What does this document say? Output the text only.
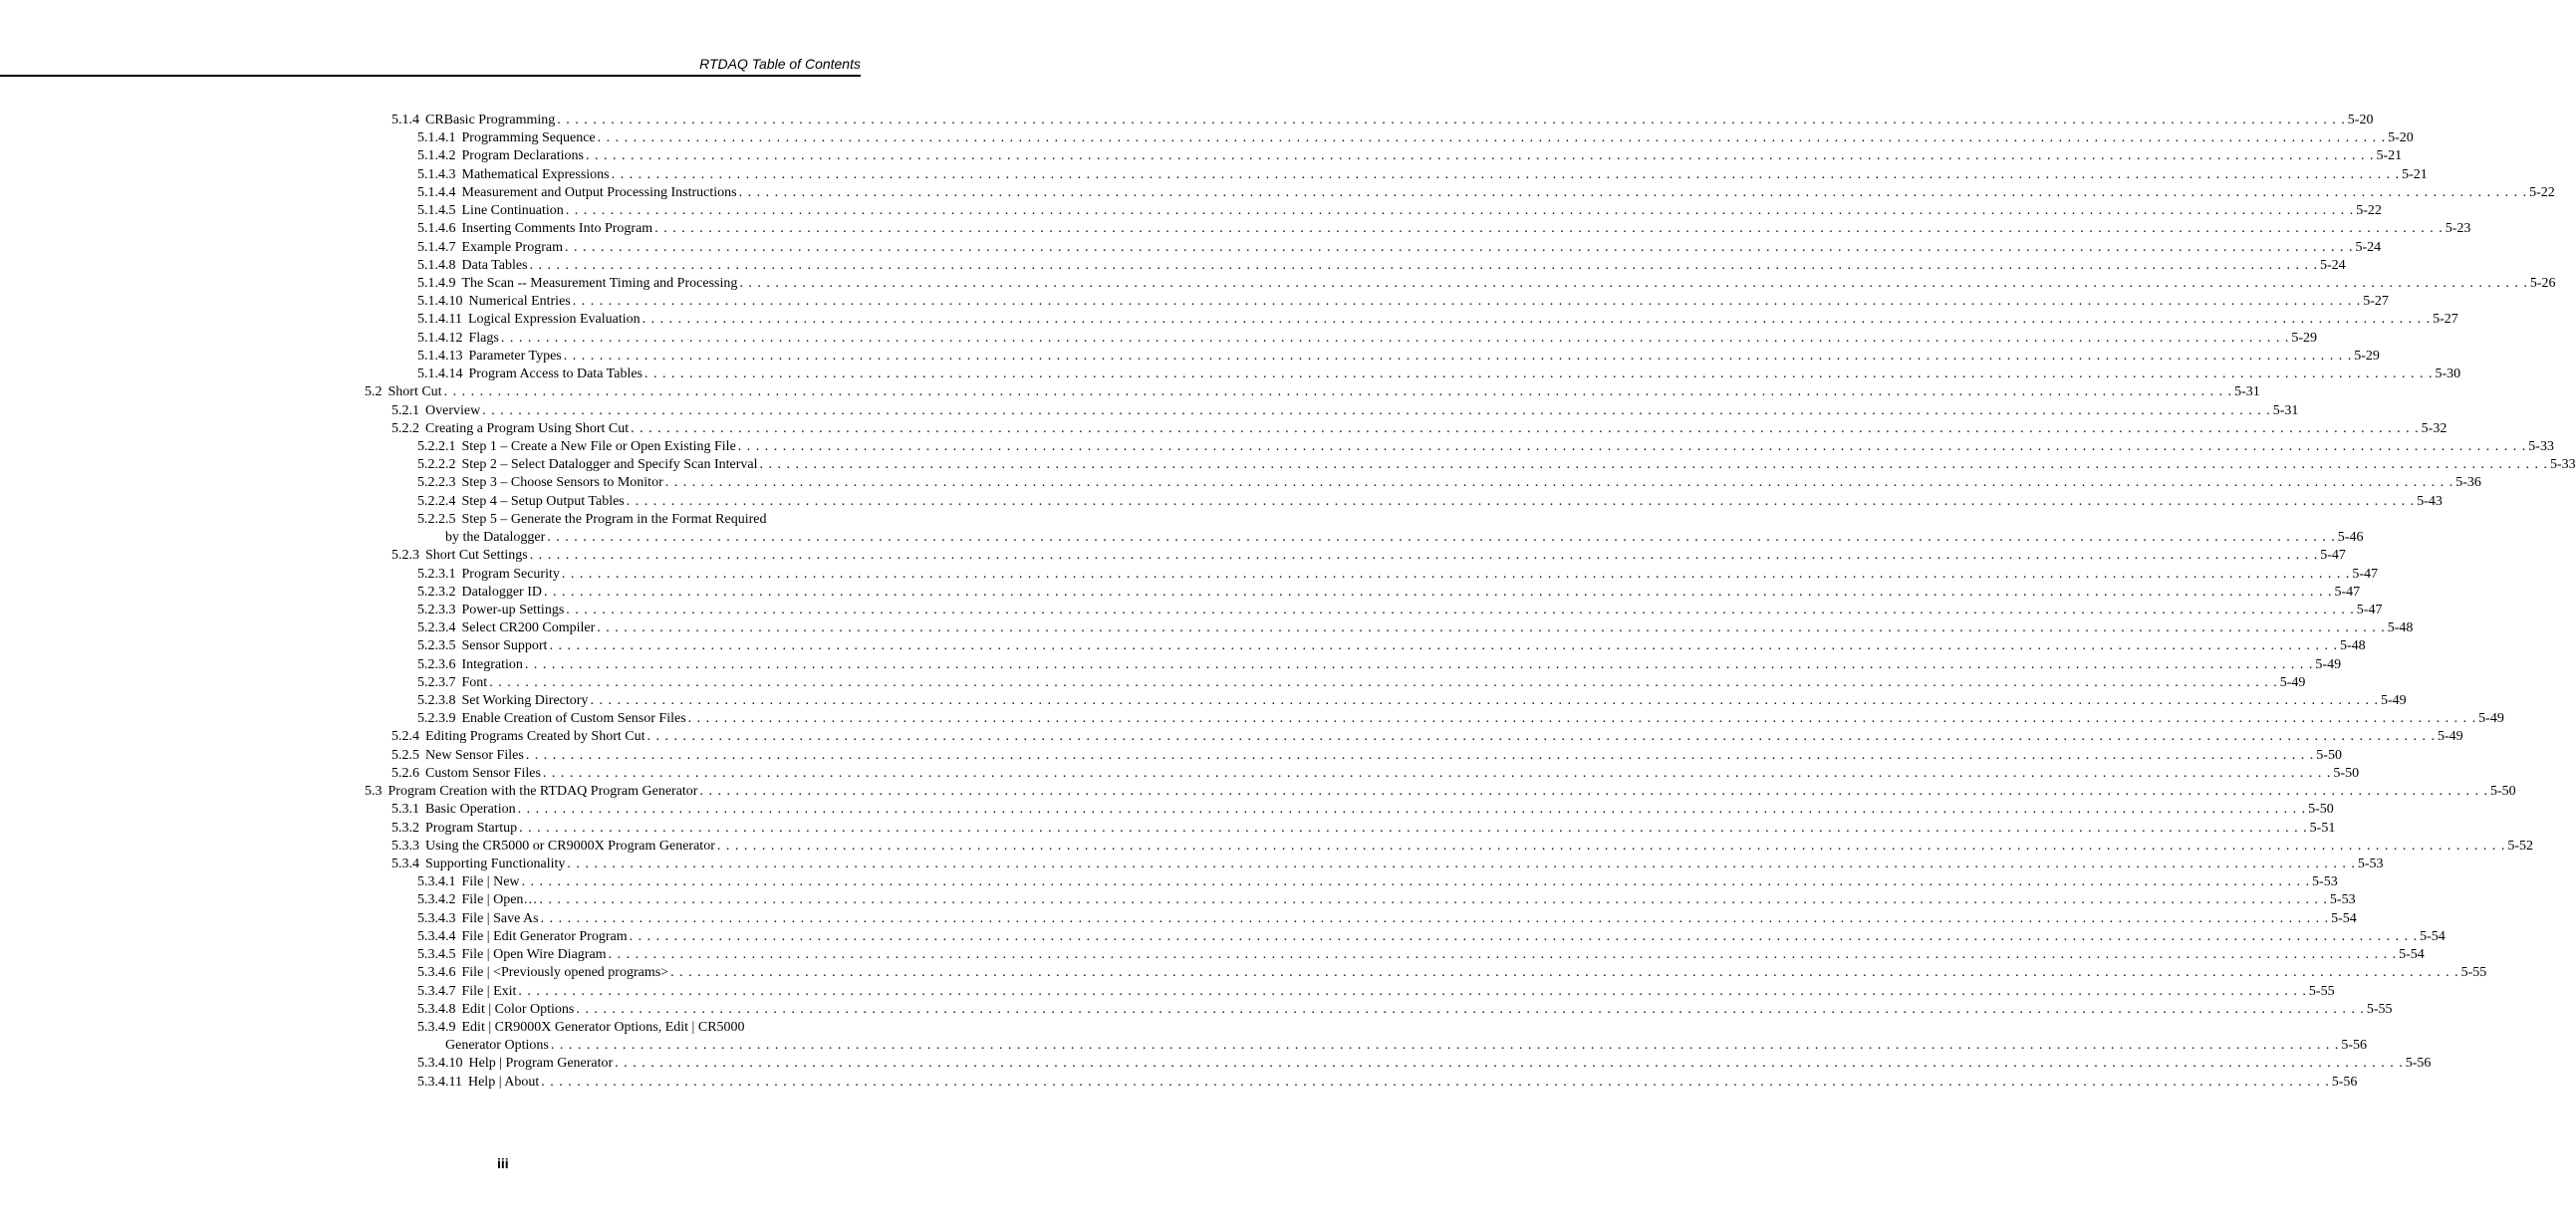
RTDAQ Table of Contents
5.1.4 CRBasic Programming . . . . . . . . . . . . . . . . . . . . . . . . . . . . . . . . . . . . . . . . . . . . . . . . . . . . . . . . . . . . . . . . . . . . . . . . . . . . . . . . . . . . . . . . . . . . . . . . . . . . . . . . . . . . . . . . . . . . . . . . . . . . . . . . . . . . . . . . . . . . . . . . . . . . . . . . . . . . . . . . . . . . . . . . . . . . . . . . . . . . . . . . . . . . . . . . . . . . . . . . 5-20
5.1.4.1 Programming Sequence . . . . . . . . . . . . . . . . . . . . . . . . . . . . . . . . . . . . . . . . . . . . . . . . . . . . . . . . . . . . . . . . . . . . . . . . . . . . . . . . . . . . . . . . . . . . . . . . . . . . . . . . . . . . . . . . . . . . . . . . . . . . . . . . . . . . . . . . . . . . . . . . . . . . . . . . . . . . . . . . . . . . . . . . . . . . . . . . . . . . . . . . . . . . . . . . . . . . . . . . 5-20
5.1.4.2 Program Declarations . . . . . . . . . . . . . . . . . . . . . . . . . . . . . . . . . . . . . . . . . . . . . . . . . . . . . . . . . . . . . . . . . . . . . . . . . . . . . . . . . . . . . . . . . . . . . . . . . . . . . . . . . . . . . . . . . . . . . . . . . . . . . . . . . . . . . . . . . . . . . . . . . . . . . . . . . . . . . . . . . . . . . . . . . . . . . . . . . . . . . . . . . . . . . . . . . . . . . . . . 5-21
5.1.4.3 Mathematical Expressions . . . . . . . . . . . . . . . . . . . . . . . . . . . . . . . . . . . . . . . . . . . . . . . . . . . . . . . . . . . . . . . . . . . . . . . . . . . . . . . . . . . . . . . . . . . . . . . . . . . . . . . . . . . . . . . . . . . . . . . . . . . . . . . . . . . . . . . . . . . . . . . . . . . . . . . . . . . . . . . . . . . . . . . . . . . . . . . . . . . . . . . . . . . . . . . . . . . . . . . . 5-21
5.1.4.4 Measurement and Output Processing Instructions . . . . . . . . . . . . . . . . . . . . . . . . . . . . . . . . . . . . . . . . . . . . . . . . . . . . . . . . . . . . . . . . . . . . . . . . . . . . . . . . . . . . . . . . . . . . . . . . . . . . . . . . . . . . . . . . . . . . . . . . . . . . . . . . . . . . . . . . . . . . . . . . . . . . . . . . . . . . . . . . . . . . . . . . . . . . . . . . . . . . . . . . . . . . . . . . . . . . . . . . 5-22
5.1.4.5 Line Continuation . . . . . . . . . . . . . . . . . . . . . . . . . . . . . . . . . . . . . . . . . . . . . . . . . . . . . . . . . . . . . . . . . . . . . . . . . . . . . . . . . . . . . . . . . . . . . . . . . . . . . . . . . . . . . . . . . . . . . . . . . . . . . . . . . . . . . . . . . . . . . . . . . . . . . . . . . . . . . . . . . . . . . . . . . . . . . . . . . . . . . . . . . . . . . . . . . . . . . . . . 5-22
5.1.4.6 Inserting Comments Into Program . . . . . . . . . . . . . . . . . . . . . . . . . . . . . . . . . . . . . . . . . . . . . . . . . . . . . . . . . . . . . . . . . . . . . . . . . . . . . . . . . . . . . . . . . . . . . . . . . . . . . . . . . . . . . . . . . . . . . . . . . . . . . . . . . . . . . . . . . . . . . . . . . . . . . . . . . . . . . . . . . . . . . . . . . . . . . . . . . . . . . . . . . . . . . . . . . . . . . . . . 5-23
5.1.4.7 Example Program . . . . . . . . . . . . . . . . . . . . . . . . . . . . . . . . . . . . . . . . . . . . . . . . . . . . . . . . . . . . . . . . . . . . . . . . . . . . . . . . . . . . . . . . . . . . . . . . . . . . . . . . . . . . . . . . . . . . . . . . . . . . . . . . . . . . . . . . . . . . . . . . . . . . . . . . . . . . . . . . . . . . . . . . . . . . . . . . . . . . . . . . . . . . . . . . . . . . . . . . 5-24
5.1.4.8 Data Tables . . . . . . . . . . . . . . . . . . . . . . . . . . . . . . . . . . . . . . . . . . . . . . . . . . . . . . . . . . . . . . . . . . . . . . . . . . . . . . . . . . . . . . . . . . . . . . . . . . . . . . . . . . . . . . . . . . . . . . . . . . . . . . . . . . . . . . . . . . . . . . . . . . . . . . . . . . . . . . . . . . . . . . . . . . . . . . . . . . . . . . . . . . . . . . . . . . . . . . . . 5-24
5.1.4.9 The Scan -- Measurement Timing and Processing . . . . . . . . . . . . . . . . . . . . . . . . . . . . . . . . . . . . . . . . . . . . . . . . . . . . . . . . . . . . . . . . . . . . . . . . . . . . . . . . . . . . . . . . . . . . . . . . . . . . . . . . . . . . . . . . . . . . . . . . . . . . . . . . . . . . . . . . . . . . . . . . . . . . . . . . . . . . . . . . . . . . . . . . . . . . . . . . . . . . . . . . . . . . . . . . . . . . . . . . 5-26
5.1.4.10 Numerical Entries . . . . . . . . . . . . . . . . . . . . . . . . . . . . . . . . . . . . . . . . . . . . . . . . . . . . . . . . . . . . . . . . . . . . . . . . . . . . . . . . . . . . . . . . . . . . . . . . . . . . . . . . . . . . . . . . . . . . . . . . . . . . . . . . . . . . . . . . . . . . . . . . . . . . . . . . . . . . . . . . . . . . . . . . . . . . . . . . . . . . . . . . . . . . . . . . . . . . . . . . 5-27
5.1.4.11 Logical Expression Evaluation . . . . . . . . . . . . . . . . . . . . . . . . . . . . . . . . . . . . . . . . . . . . . . . . . . . . . . . . . . . . . . . . . . . . . . . . . . . . . . . . . . . . . . . . . . . . . . . . . . . . . . . . . . . . . . . . . . . . . . . . . . . . . . . . . . . . . . . . . . . . . . . . . . . . . . . . . . . . . . . . . . . . . . . . . . . . . . . . . . . . . . . . . . . . . . . . . . . . . . . . 5-27
5.1.4.12 Flags . . . . . . . . . . . . . . . . . . . . . . . . . . . . . . . . . . . . . . . . . . . . . . . . . . . . . . . . . . . . . . . . . . . . . . . . . . . . . . . . . . . . . . . . . . . . . . . . . . . . . . . . . . . . . . . . . . . . . . . . . . . . . . . . . . . . . . . . . . . . . . . . . . . . . . . . . . . . . . . . . . . . . . . . . . . . . . . . . . . . . . . . . . . . . . . . . . . . . . . . 5-29
5.1.4.13 Parameter Types . . . . . . . . . . . . . . . . . . . . . . . . . . . . . . . . . . . . . . . . . . . . . . . . . . . . . . . . . . . . . . . . . . . . . . . . . . . . . . . . . . . . . . . . . . . . . . . . . . . . . . . . . . . . . . . . . . . . . . . . . . . . . . . . . . . . . . . . . . . . . . . . . . . . . . . . . . . . . . . . . . . . . . . . . . . . . . . . . . . . . . . . . . . . . . . . . . . . . . . . 5-29
5.1.4.14 Program Access to Data Tables . . . . . . . . . . . . . . . . . . . . . . . . . . . . . . . . . . . . . . . . . . . . . . . . . . . . . . . . . . . . . . . . . . . . . . . . . . . . . . . . . . . . . . . . . . . . . . . . . . . . . . . . . . . . . . . . . . . . . . . . . . . . . . . . . . . . . . . . . . . . . . . . . . . . . . . . . . . . . . . . . . . . . . . . . . . . . . . . . . . . . . . . . . . . . . . . . . . . . . . . 5-30
5.2 Short Cut . . . . . . . . . . . . . . . . . . . . . . . . . . . . . . . . . . . . . . . . . . . . . . . . . . . . . . . . . . . . . . . . . . . . . . . . . . . . . . . . . . . . . . . . . . . . . . . . . . . . . . . . . . . . . . . . . . . . . . . . . . . . . . . . . . . . . . . . . . . . . . . . . . . . . . . . . . . . . . . . . . . . . . . . . . . . . . . . . . . . . . . . . . . . . . . . . . . . . . . . 5-31
5.2.1 Overview . . . . . . . . . . . . . . . . . . . . . . . . . . . . . . . . . . . . . . . . . . . . . . . . . . . . . . . . . . . . . . . . . . . . . . . . . . . . . . . . . . . . . . . . . . . . . . . . . . . . . . . . . . . . . . . . . . . . . . . . . . . . . . . . . . . . . . . . . . . . . . . . . . . . . . . . . . . . . . . . . . . . . . . . . . . . . . . . . . . . . . . . . . . . . . . . . . . . . . . . 5-31
5.2.2 Creating a Program Using Short Cut . . . . . . . . . . . . . . . . . . . . . . . . . . . . . . . . . . . . . . . . . . . . . . . . . . . . . . . . . . . . . . . . . . . . . . . . . . . . . . . . . . . . . . . . . . . . . . . . . . . . . . . . . . . . . . . . . . . . . . . . . . . . . . . . . . . . . . . . . . . . . . . . . . . . . . . . . . . . . . . . . . . . . . . . . . . . . . . . . . . . . . . . . . . . . . . . . . . . . . . . 5-32
5.2.2.1 Step 1 – Create a New File or Open Existing File . . . . . . . . . . . . . . . . . . . . . . . . . . . . . . . . . . . . . . . . . . . . . . . . . . . . . . . . . . . . . . . . . . . . . . . . . . . . . . . . . . . . . . . . . . . . . . . . . . . . . . . . . . . . . . . . . . . . . . . . . . . . . . . . . . . . . . . . . . . . . . . . . . . . . . . . . . . . . . . . . . . . . . . . . . . . . . . . . . . . . . . . . . . . . . . . . . . . . . . . 5-33
5.2.2.2 Step 2 – Select Datalogger and Specify Scan Interval . . . . . . . . . . . . . . . . . . . . . . . . . . . . . . . . . . . . . . . . . . . . . . . . . . . . . . . . . . . . . . . . . . . . . . . . . . . . . . . . . . . . . . . . . . . . . . . . . . . . . . . . . . . . . . . . . . . . . . . . . . . . . . . . . . . . . . . . . . . . . . . . . . . . . . . . . . . . . . . . . . . . . . . . . . . . . . . . . . . . . . . . . . . . . . . . . . . . . . . . 5-33
5.2.2.3 Step 3 – Choose Sensors to Monitor . . . . . . . . . . . . . . . . . . . . . . . . . . . . . . . . . . . . . . . . . . . . . . . . . . . . . . . . . . . . . . . . . . . . . . . . . . . . . . . . . . . . . . . . . . . . . . . . . . . . . . . . . . . . . . . . . . . . . . . . . . . . . . . . . . . . . . . . . . . . . . . . . . . . . . . . . . . . . . . . . . . . . . . . . . . . . . . . . . . . . . . . . . . . . . . . . . . . . . . . 5-36
5.2.2.4 Step 4 – Setup Output Tables . . . . . . . . . . . . . . . . . . . . . . . . . . . . . . . . . . . . . . . . . . . . . . . . . . . . . . . . . . . . . . . . . . . . . . . . . . . . . . . . . . . . . . . . . . . . . . . . . . . . . . . . . . . . . . . . . . . . . . . . . . . . . . . . . . . . . . . . . . . . . . . . . . . . . . . . . . . . . . . . . . . . . . . . . . . . . . . . . . . . . . . . . . . . . . . . . . . . . . . . 5-43
5.2.2.5 Step 5 – Generate the Program in the Format Required
by the Datalogger . . . . . . . . . . . . . . . . . . . . . . . . . . . . . . . . . . . . . . . . . . . . . . . . . . . . . . . . . . . . . . . . . . . . . . . . . . . . . . . . . . . . . . . . . . . . . . . . . . . . . . . . . . . . . . . . . . . . . . . . . . . . . . . . . . . . . . . . . . . . . . . . . . . . . . . . . . . . . . . . . . . . . . . . . . . . . . . . . . . . . . . . . . . . . . . . . . . . . . . . 5-46
5.2.3 Short Cut Settings . . . . . . . . . . . . . . . . . . . . . . . . . . . . . . . . . . . . . . . . . . . . . . . . . . . . . . . . . . . . . . . . . . . . . . . . . . . . . . . . . . . . . . . . . . . . . . . . . . . . . . . . . . . . . . . . . . . . . . . . . . . . . . . . . . . . . . . . . . . . . . . . . . . . . . . . . . . . . . . . . . . . . . . . . . . . . . . . . . . . . . . . . . . . . . . . . . . . . . . . 5-47
5.2.3.1 Program Security . . . . . . . . . . . . . . . . . . . . . . . . . . . . . . . . . . . . . . . . . . . . . . . . . . . . . . . . . . . . . . . . . . . . . . . . . . . . . . . . . . . . . . . . . . . . . . . . . . . . . . . . . . . . . . . . . . . . . . . . . . . . . . . . . . . . . . . . . . . . . . . . . . . . . . . . . . . . . . . . . . . . . . . . . . . . . . . . . . . . . . . . . . . . . . . . . . . . . . . . 5-47
5.2.3.2 Datalogger ID . . . . . . . . . . . . . . . . . . . . . . . . . . . . . . . . . . . . . . . . . . . . . . . . . . . . . . . . . . . . . . . . . . . . . . . . . . . . . . . . . . . . . . . . . . . . . . . . . . . . . . . . . . . . . . . . . . . . . . . . . . . . . . . . . . . . . . . . . . . . . . . . . . . . . . . . . . . . . . . . . . . . . . . . . . . . . . . . . . . . . . . . . . . . . . . . . . . . . . . . 5-47
5.2.3.3 Power-up Settings . . . . . . . . . . . . . . . . . . . . . . . . . . . . . . . . . . . . . . . . . . . . . . . . . . . . . . . . . . . . . . . . . . . . . . . . . . . . . . . . . . . . . . . . . . . . . . . . . . . . . . . . . . . . . . . . . . . . . . . . . . . . . . . . . . . . . . . . . . . . . . . . . . . . . . . . . . . . . . . . . . . . . . . . . . . . . . . . . . . . . . . . . . . . . . . . . . . . . . . . 5-47
5.2.3.4 Select CR200 Compiler . . . . . . . . . . . . . . . . . . . . . . . . . . . . . . . . . . . . . . . . . . . . . . . . . . . . . . . . . . . . . . . . . . . . . . . . . . . . . . . . . . . . . . . . . . . . . . . . . . . . . . . . . . . . . . . . . . . . . . . . . . . . . . . . . . . . . . . . . . . . . . . . . . . . . . . . . . . . . . . . . . . . . . . . . . . . . . . . . . . . . . . . . . . . . . . . . . . . . . . . 5-48
5.2.3.5 Sensor Support . . . . . . . . . . . . . . . . . . . . . . . . . . . . . . . . . . . . . . . . . . . . . . . . . . . . . . . . . . . . . . . . . . . . . . . . . . . . . . . . . . . . . . . . . . . . . . . . . . . . . . . . . . . . . . . . . . . . . . . . . . . . . . . . . . . . . . . . . . . . . . . . . . . . . . . . . . . . . . . . . . . . . . . . . . . . . . . . . . . . . . . . . . . . . . . . . . . . . . . . 5-48
5.2.3.6 Integration . . . . . . . . . . . . . . . . . . . . . . . . . . . . . . . . . . . . . . . . . . . . . . . . . . . . . . . . . . . . . . . . . . . . . . . . . . . . . . . . . . . . . . . . . . . . . . . . . . . . . . . . . . . . . . . . . . . . . . . . . . . . . . . . . . . . . . . . . . . . . . . . . . . . . . . . . . . . . . . . . . . . . . . . . . . . . . . . . . . . . . . . . . . . . . . . . . . . . . . . 5-49
5.2.3.7 Font . . . . . . . . . . . . . . . . . . . . . . . . . . . . . . . . . . . . . . . . . . . . . . . . . . . . . . . . . . . . . . . . . . . . . . . . . . . . . . . . . . . . . . . . . . . . . . . . . . . . . . . . . . . . . . . . . . . . . . . . . . . . . . . . . . . . . . . . . . . . . . . . . . . . . . . . . . . . . . . . . . . . . . . . . . . . . . . . . . . . . . . . . . . . . . . . . . . . . . . . 5-49
5.2.3.8 Set Working Directory . . . . . . . . . . . . . . . . . . . . . . . . . . . . . . . . . . . . . . . . . . . . . . . . . . . . . . . . . . . . . . . . . . . . . . . . . . . . . . . . . . . . . . . . . . . . . . . . . . . . . . . . . . . . . . . . . . . . . . . . . . . . . . . . . . . . . . . . . . . . . . . . . . . . . . . . . . . . . . . . . . . . . . . . . . . . . . . . . . . . . . . . . . . . . . . . . . . . . . . . 5-49
5.2.3.9 Enable Creation of Custom Sensor Files . . . . . . . . . . . . . . . . . . . . . . . . . . . . . . . . . . . . . . . . . . . . . . . . . . . . . . . . . . . . . . . . . . . . . . . . . . . . . . . . . . . . . . . . . . . . . . . . . . . . . . . . . . . . . . . . . . . . . . . . . . . . . . . . . . . . . . . . . . . . . . . . . . . . . . . . . . . . . . . . . . . . . . . . . . . . . . . . . . . . . . . . . . . . . . . . . . . . . . . . 5-49
5.2.4 Editing Programs Created by Short Cut . . . . . . . . . . . . . . . . . . . . . . . . . . . . . . . . . . . . . . . . . . . . . . . . . . . . . . . . . . . . . . . . . . . . . . . . . . . . . . . . . . . . . . . . . . . . . . . . . . . . . . . . . . . . . . . . . . . . . . . . . . . . . . . . . . . . . . . . . . . . . . . . . . . . . . . . . . . . . . . . . . . . . . . . . . . . . . . . . . . . . . . . . . . . . . . . . . . . . . . . 5-49
5.2.5 New Sensor Files . . . . . . . . . . . . . . . . . . . . . . . . . . . . . . . . . . . . . . . . . . . . . . . . . . . . . . . . . . . . . . . . . . . . . . . . . . . . . . . . . . . . . . . . . . . . . . . . . . . . . . . . . . . . . . . . . . . . . . . . . . . . . . . . . . . . . . . . . . . . . . . . . . . . . . . . . . . . . . . . . . . . . . . . . . . . . . . . . . . . . . . . . . . . . . . . . . . . . . . . 5-50
5.2.6 Custom Sensor Files . . . . . . . . . . . . . . . . . . . . . . . . . . . . . . . . . . . . . . . . . . . . . . . . . . . . . . . . . . . . . . . . . . . . . . . . . . . . . . . . . . . . . . . . . . . . . . . . . . . . . . . . . . . . . . . . . . . . . . . . . . . . . . . . . . . . . . . . . . . . . . . . . . . . . . . . . . . . . . . . . . . . . . . . . . . . . . . . . . . . . . . . . . . . . . . . . . . . . . . . 5-50
5.3 Program Creation with the RTDAQ Program Generator . . . . . . . . . . . . . . . . . . . . . . . . . . . . . . . . . . . . . . . . . . . . . . . . . . . . . . . . . . . . . . . . . . . . . . . . . . . . . . . . . . . . . . . . . . . . . . . . . . . . . . . . . . . . . . . . . . . . . . . . . . . . . . . . . . . . . . . . . . . . . . . . . . . . . . . . . . . . . . . . . . . . . . . . . . . . . . . . . . . . . . . . . . . . . . . . . . . . . . . . 5-50
5.3.1 Basic Operation . . . . . . . . . . . . . . . . . . . . . . . . . . . . . . . . . . . . . . . . . . . . . . . . . . . . . . . . . . . . . . . . . . . . . . . . . . . . . . . . . . . . . . . . . . . . . . . . . . . . . . . . . . . . . . . . . . . . . . . . . . . . . . . . . . . . . . . . . . . . . . . . . . . . . . . . . . . . . . . . . . . . . . . . . . . . . . . . . . . . . . . . . . . . . . . . . . . . . . . . 5-50
5.3.2 Program Startup . . . . . . . . . . . . . . . . . . . . . . . . . . . . . . . . . . . . . . . . . . . . . . . . . . . . . . . . . . . . . . . . . . . . . . . . . . . . . . . . . . . . . . . . . . . . . . . . . . . . . . . . . . . . . . . . . . . . . . . . . . . . . . . . . . . . . . . . . . . . . . . . . . . . . . . . . . . . . . . . . . . . . . . . . . . . . . . . . . . . . . . . . . . . . . . . . . . . . . . . 5-51
5.3.3 Using the CR5000 or CR9000X Program Generator . . . . . . . . . . . . . . . . . . . . . . . . . . . . . . . . . . . . . . . . . . . . . . . . . . . . . . . . . . . . . . . . . . . . . . . . . . . . . . . . . . . . . . . . . . . . . . . . . . . . . . . . . . . . . . . . . . . . . . . . . . . . . . . . . . . . . . . . . . . . . . . . . . . . . . . . . . . . . . . . . . . . . . . . . . . . . . . . . . . . . . . . . . . . . . . . . . . . . . . . 5-52
5.3.4 Supporting Functionality . . . . . . . . . . . . . . . . . . . . . . . . . . . . . . . . . . . . . . . . . . . . . . . . . . . . . . . . . . . . . . . . . . . . . . . . . . . . . . . . . . . . . . . . . . . . . . . . . . . . . . . . . . . . . . . . . . . . . . . . . . . . . . . . . . . . . . . . . . . . . . . . . . . . . . . . . . . . . . . . . . . . . . . . . . . . . . . . . . . . . . . . . . . . . . . . . . . . . . . . 5-53
5.3.4.1 File | New . . . . . . . . . . . . . . . . . . . . . . . . . . . . . . . . . . . . . . . . . . . . . . . . . . . . . . . . . . . . . . . . . . . . . . . . . . . . . . . . . . . . . . . . . . . . . . . . . . . . . . . . . . . . . . . . . . . . . . . . . . . . . . . . . . . . . . . . . . . . . . . . . . . . . . . . . . . . . . . . . . . . . . . . . . . . . . . . . . . . . . . . . . . . . . . . . . . . . . . . 5-53
5.3.4.2 File | Open… . . . . . . . . . . . . . . . . . . . . . . . . . . . . . . . . . . . . . . . . . . . . . . . . . . . . . . . . . . . . . . . . . . . . . . . . . . . . . . . . . . . . . . . . . . . . . . . . . . . . . . . . . . . . . . . . . . . . . . . . . . . . . . . . . . . . . . . . . . . . . . . . . . . . . . . . . . . . . . . . . . . . . . . . . . . . . . . . . . . . . . . . . . . . . . . . . . . . . . . . 5-53
5.3.4.3 File | Save As . . . . . . . . . . . . . . . . . . . . . . . . . . . . . . . . . . . . . . . . . . . . . . . . . . . . . . . . . . . . . . . . . . . . . . . . . . . . . . . . . . . . . . . . . . . . . . . . . . . . . . . . . . . . . . . . . . . . . . . . . . . . . . . . . . . . . . . . . . . . . . . . . . . . . . . . . . . . . . . . . . . . . . . . . . . . . . . . . . . . . . . . . . . . . . . . . . . . . . . . 5-54
5.3.4.4 File | Edit Generator Program . . . . . . . . . . . . . . . . . . . . . . . . . . . . . . . . . . . . . . . . . . . . . . . . . . . . . . . . . . . . . . . . . . . . . . . . . . . . . . . . . . . . . . . . . . . . . . . . . . . . . . . . . . . . . . . . . . . . . . . . . . . . . . . . . . . . . . . . . . . . . . . . . . . . . . . . . . . . . . . . . . . . . . . . . . . . . . . . . . . . . . . . . . . . . . . . . . . . . . . . 5-54
5.3.4.5 File | Open Wire Diagram . . . . . . . . . . . . . . . . . . . . . . . . . . . . . . . . . . . . . . . . . . . . . . . . . . . . . . . . . . . . . . . . . . . . . . . . . . . . . . . . . . . . . . . . . . . . . . . . . . . . . . . . . . . . . . . . . . . . . . . . . . . . . . . . . . . . . . . . . . . . . . . . . . . . . . . . . . . . . . . . . . . . . . . . . . . . . . . . . . . . . . . . . . . . . . . . . . . . . . . . 5-54
5.3.4.6 File | <Previously opened programs> . . . . . . . . . . . . . . . . . . . . . . . . . . . . . . . . . . . . . . . . . . . . . . . . . . . . . . . . . . . . . . . . . . . . . . . . . . . . . . . . . . . . . . . . . . . . . . . . . . . . . . . . . . . . . . . . . . . . . . . . . . . . . . . . . . . . . . . . . . . . . . . . . . . . . . . . . . . . . . . . . . . . . . . . . . . . . . . . . . . . . . . . . . . . . . . . . . . . . . . . 5-55
5.3.4.7 File | Exit . . . . . . . . . . . . . . . . . . . . . . . . . . . . . . . . . . . . . . . . . . . . . . . . . . . . . . . . . . . . . . . . . . . . . . . . . . . . . . . . . . . . . . . . . . . . . . . . . . . . . . . . . . . . . . . . . . . . . . . . . . . . . . . . . . . . . . . . . . . . . . . . . . . . . . . . . . . . . . . . . . . . . . . . . . . . . . . . . . . . . . . . . . . . . . . . . . . . . . . . 5-55
5.3.4.8 Edit | Color Options . . . . . . . . . . . . . . . . . . . . . . . . . . . . . . . . . . . . . . . . . . . . . . . . . . . . . . . . . . . . . . . . . . . . . . . . . . . . . . . . . . . . . . . . . . . . . . . . . . . . . . . . . . . . . . . . . . . . . . . . . . . . . . . . . . . . . . . . . . . . . . . . . . . . . . . . . . . . . . . . . . . . . . . . . . . . . . . . . . . . . . . . . . . . . . . . . . . . . . . . 5-55
5.3.4.9 Edit | CR9000X Generator Options, Edit | CR5000
Generator Options . . . . . . . . . . . . . . . . . . . . . . . . . . . . . . . . . . . . . . . . . . . . . . . . . . . . . . . . . . . . . . . . . . . . . . . . . . . . . . . . . . . . . . . . . . . . . . . . . . . . . . . . . . . . . . . . . . . . . . . . . . . . . . . . . . . . . . . . . . . . . . . . . . . . . . . . . . . . . . . . . . . . . . . . . . . . . . . . . . . . . . . . . . . . . . . . . . . . . . . . 5-56
5.3.4.10 Help | Program Generator . . . . . . . . . . . . . . . . . . . . . . . . . . . . . . . . . . . . . . . . . . . . . . . . . . . . . . . . . . . . . . . . . . . . . . . . . . . . . . . . . . . . . . . . . . . . . . . . . . . . . . . . . . . . . . . . . . . . . . . . . . . . . . . . . . . . . . . . . . . . . . . . . . . . . . . . . . . . . . . . . . . . . . . . . . . . . . . . . . . . . . . . . . . . . . . . . . . . . . . . 5-56
5.3.4.11 Help | About . . . . . . . . . . . . . . . . . . . . . . . . . . . . . . . . . . . . . . . . . . . . . . . . . . . . . . . . . . . . . . . . . . . . . . . . . . . . . . . . . . . . . . . . . . . . . . . . . . . . . . . . . . . . . . . . . . . . . . . . . . . . . . . . . . . . . . . . . . . . . . . . . . . . . . . . . . . . . . . . . . . . . . . . . . . . . . . . . . . . . . . . . . . . . . . . . . . . . . . . 5-56
iii
